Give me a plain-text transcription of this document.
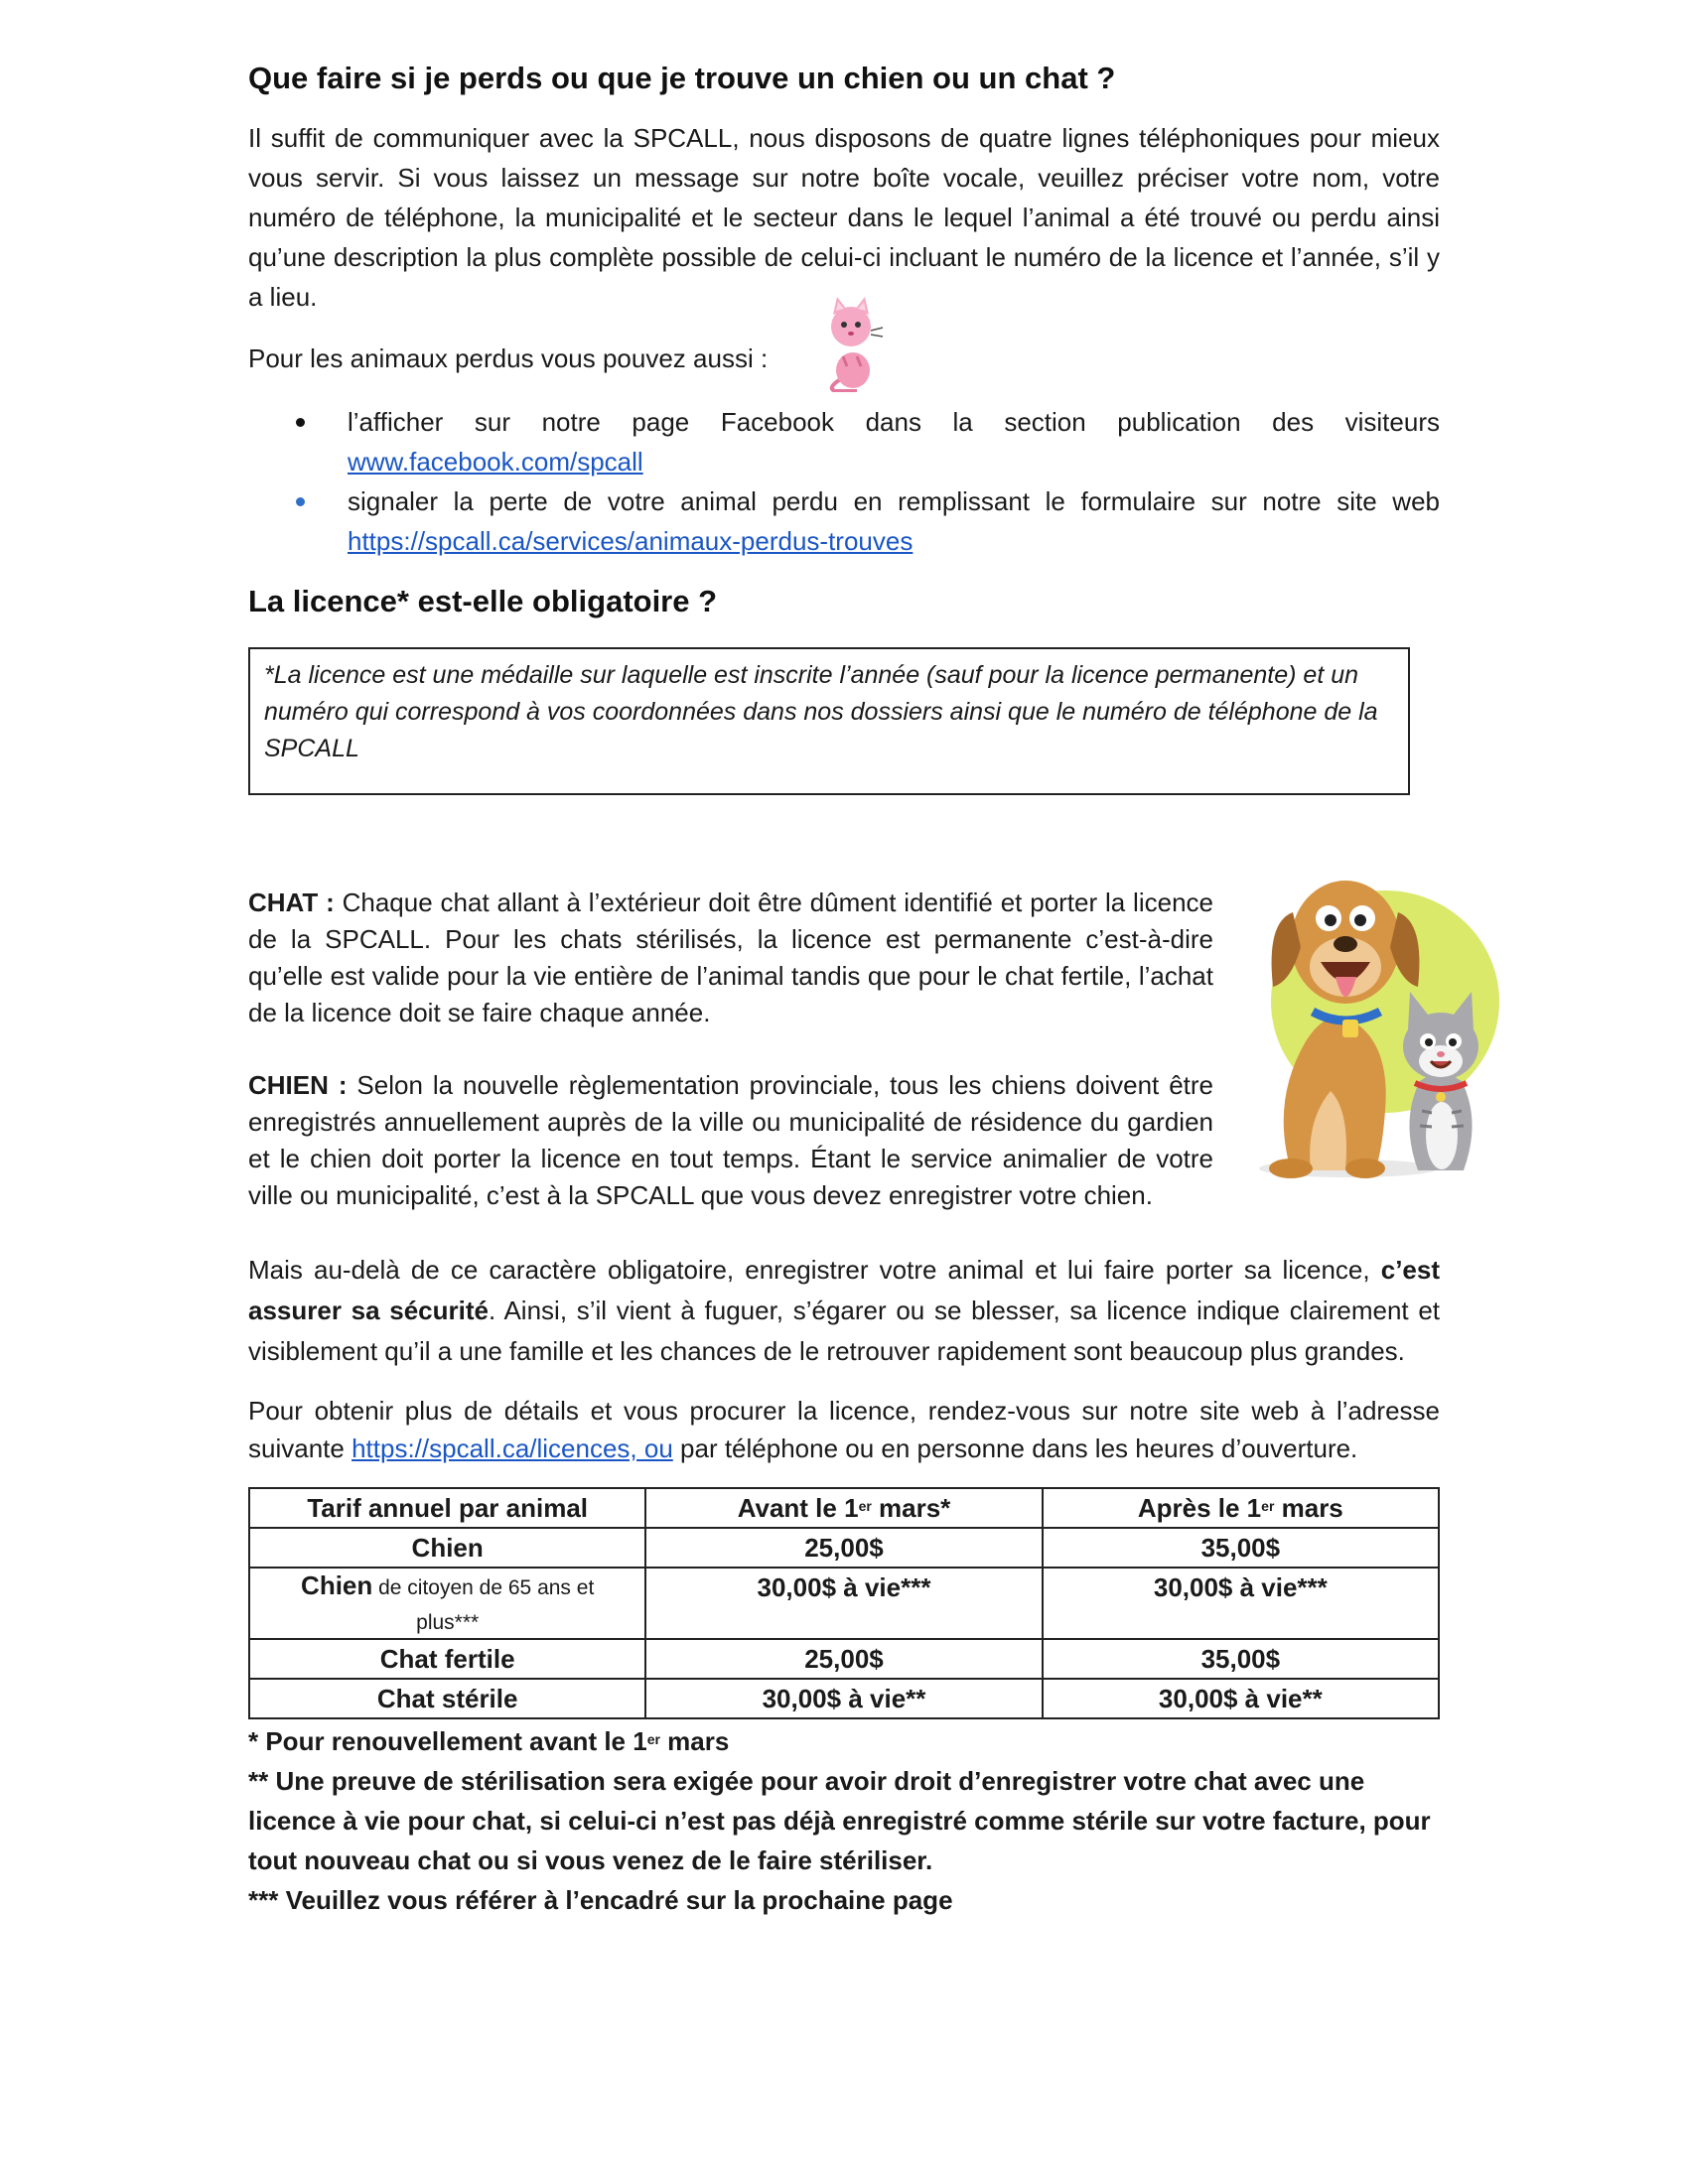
Que faire si je perds ou que je trouve un chien ou un chat ?

Il suffit de communiquer avec la SPCALL, nous disposons de quatre lignes téléphoniques pour mieux vous servir. Si vous laissez un message sur notre boîte vocale, veuillez préciser votre nom, votre numéro de téléphone, la municipalité et le secteur dans le lequel l’animal a été trouvé ou perdu ainsi qu’une description la plus complète possible de celui-ci incluant le numéro de la licence et l’année, s’il y a lieu.

Pour les animaux perdus vous pouvez aussi :

l’afficher sur notre page Facebook dans la section publication des visiteurs www.facebook.com/spcall
signaler la perte de votre animal perdu en remplissant le formulaire sur notre site web https://spcall.ca/services/animaux-perdus-trouves
La licence* est-elle obligatoire ?

*La licence est une médaille sur laquelle est inscrite l’année (sauf pour la licence permanente) et un numéro qui correspond à vos coordonnées dans nos dossiers ainsi que le numéro de téléphone de la SPCALL

CHAT : Chaque chat allant à l’extérieur doit être dûment identifié et porter la licence de la SPCALL. Pour les chats stérilisés, la licence est permanente c’est-à-dire qu’elle est valide pour la vie entière de l’animal tandis que pour le chat fertile, l’achat de la licence doit se faire chaque année.

CHIEN : Selon la nouvelle règlementation provinciale, tous les chiens doivent être enregistrés annuellement auprès de la ville ou municipalité de résidence du gardien et le chien doit porter la licence en tout temps. Étant le service animalier de votre ville ou municipalité, c’est à la SPCALL que vous devez enregistrer votre chien.

Mais au-delà de ce caractère obligatoire, enregistrer votre animal et lui faire porter sa licence, c’est assurer sa sécurité. Ainsi, s’il vient à fuguer, s’égarer ou se blesser, sa licence indique clairement et visiblement qu’il a une famille et les chances de le retrouver rapidement sont beaucoup plus grandes.

Pour obtenir plus de détails et vous procurer la licence, rendez-vous sur notre site web à l’adresse suivante https://spcall.ca/licences, ou par téléphone ou en personne dans les heures d’ouverture.

Tarif annuel par animal	Avant le 1er mars*	Après le 1er mars
Chien	25,00$	35,00$
Chien de citoyen de 65 ans et plus***	30,00$ à vie***	30,00$ à vie***
Chat fertile	25,00$	35,00$
Chat stérile	30,00$ à vie**	30,00$ à vie**

* Pour renouvellement avant le 1er mars

** Une preuve de stérilisation sera exigée pour avoir droit d’enregistrer votre chat avec une licence à vie pour chat, si celui-ci n’est pas déjà enregistré comme stérile sur votre facture, pour tout nouveau chat ou si vous venez de le faire stériliser.

*** Veuillez vous référer à l’encadré sur la prochaine page
